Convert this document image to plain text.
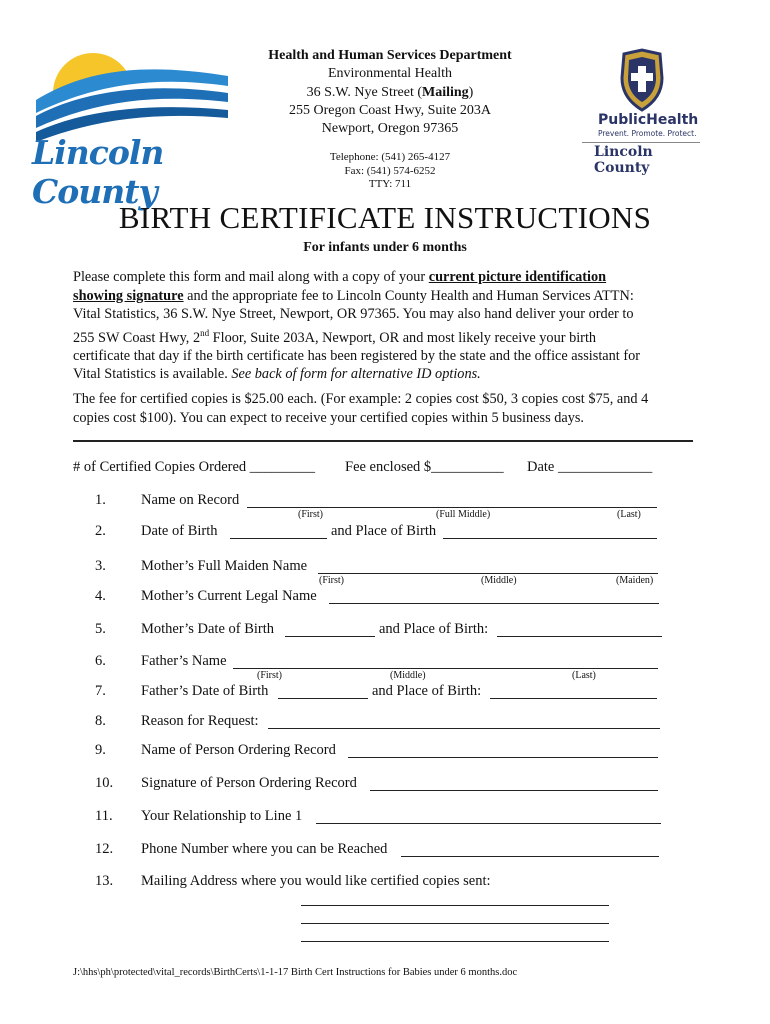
Lincoln County
Health and Human Services Department
Environmental Health
36 S.W. Nye Street (Mailing)
255 Oregon Coast Hwy, Suite 203A
Newport, Oregon 97365
Telephone: (541) 265-4127
Fax: (541) 574-6252
TTY: 711
PublicHealth
Prevent. Promote. Protect.
Lincoln County
BIRTH CERTIFICATE INSTRUCTIONS
For infants under 6 months
Please complete this form and mail along with a copy of your current picture identification
showing signature and the appropriate fee to Lincoln County Health and Human Services ATTN:
Vital Statistics, 36 S.W. Nye Street, Newport, OR 97365. You may also hand deliver your order to
255 SW Coast Hwy, 2nd Floor, Suite 203A, Newport, OR and most likely receive your birth
certificate that day if the birth certificate has been registered by the state and the office assistant for
Vital Statistics is available. See back of form for alternative ID options.
The fee for certified copies is $25.00 each. (For example: 2 copies cost $50, 3 copies cost $75, and 4
copies cost $100). You can expect to receive your certified copies within 5 business days.
# of Certified Copies Ordered _________ Fee enclosed $__________ Date _____________
1. Name on Record
(First)	(Full Middle)	(Last)
2. Date of Birth	and Place of Birth
3. Mother’s Full Maiden Name
(First)	(Middle)	(Maiden)
4. Mother’s Current Legal Name
5. Mother’s Date of Birth	and Place of Birth:
6. Father’s Name
(First)	(Middle)	(Last)
7. Father’s Date of Birth	and Place of Birth:
8. Reason for Request:
9. Name of Person Ordering Record
10. Signature of Person Ordering Record
11. Your Relationship to Line 1
12. Phone Number where you can be Reached
13. Mailing Address where you would like certified copies sent:
J:\hhs\ph\protected\vital_records\BirthCerts\1-1-17 Birth Cert Instructions for Babies under 6 months.doc
